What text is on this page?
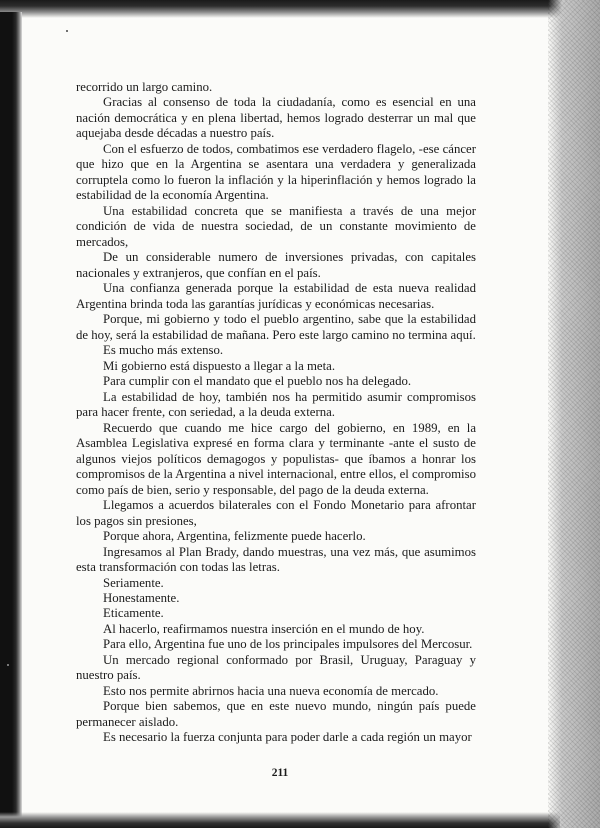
recorrido un largo camino.

Gracias al consenso de toda la ciudadanía, como es esencial en una nación democrática y en plena libertad, hemos logrado desterrar un mal que aquejaba desde décadas a nuestro país.

Con el esfuerzo de todos, combatimos ese verdadero flagelo, -ese cáncer que hizo que en la Argentina se asentara una verdadera y generalizada corruptela como lo fueron la inflación y la hiperinflación y hemos logrado la estabilidad de la economía Argentina.

Una estabilidad concreta que se manifiesta a través de una mejor condición de vida de nuestra sociedad, de un constante movimiento de mercados,

De un considerable numero de inversiones privadas, con capitales nacionales y extranjeros, que confían en el país.

Una confianza generada porque la estabilidad de esta nueva realidad Argentina brinda toda las garantías jurídicas y económicas necesarias.

Porque, mi gobierno y todo el pueblo argentino, sabe que la estabilidad de hoy, será la estabilidad de mañana. Pero este largo camino no termina aquí.

Es mucho más extenso.

Mi gobierno está dispuesto a llegar a la meta.

Para cumplir con el mandato que el pueblo nos ha delegado.

La estabilidad de hoy, también nos ha permitido asumir compromisos para hacer frente, con seriedad, a la deuda externa.

Recuerdo que cuando me hice cargo del gobierno, en 1989, en la Asamblea Legislativa expresé en forma clara y terminante -ante el susto de algunos viejos políticos demagogos y populistas- que íbamos a honrar los compromisos de la Argentina a nivel internacional, entre ellos, el compromiso como país de bien, serio y responsable, del pago de la deuda externa.

Llegamos a acuerdos bilaterales con el Fondo Monetario para afrontar los pagos sin presiones,

Porque ahora, Argentina, felizmente puede hacerlo.

Ingresamos al Plan Brady, dando muestras, una vez más, que asumimos esta transformación con todas las letras.

Seriamente.

Honestamente.

Eticamente.

Al hacerlo, reafirmamos nuestra inserción en el mundo de hoy.

Para ello, Argentina fue uno de los principales impulsores del Mercosur.

Un mercado regional conformado por Brasil, Uruguay, Paraguay y nuestro país.

Esto nos permite abrirnos hacia una nueva economía de mercado.

Porque bien sabemos, que en este nuevo mundo, ningún país puede permanecer aislado.

Es necesario la fuerza conjunta para poder darle a cada región un mayor

211
